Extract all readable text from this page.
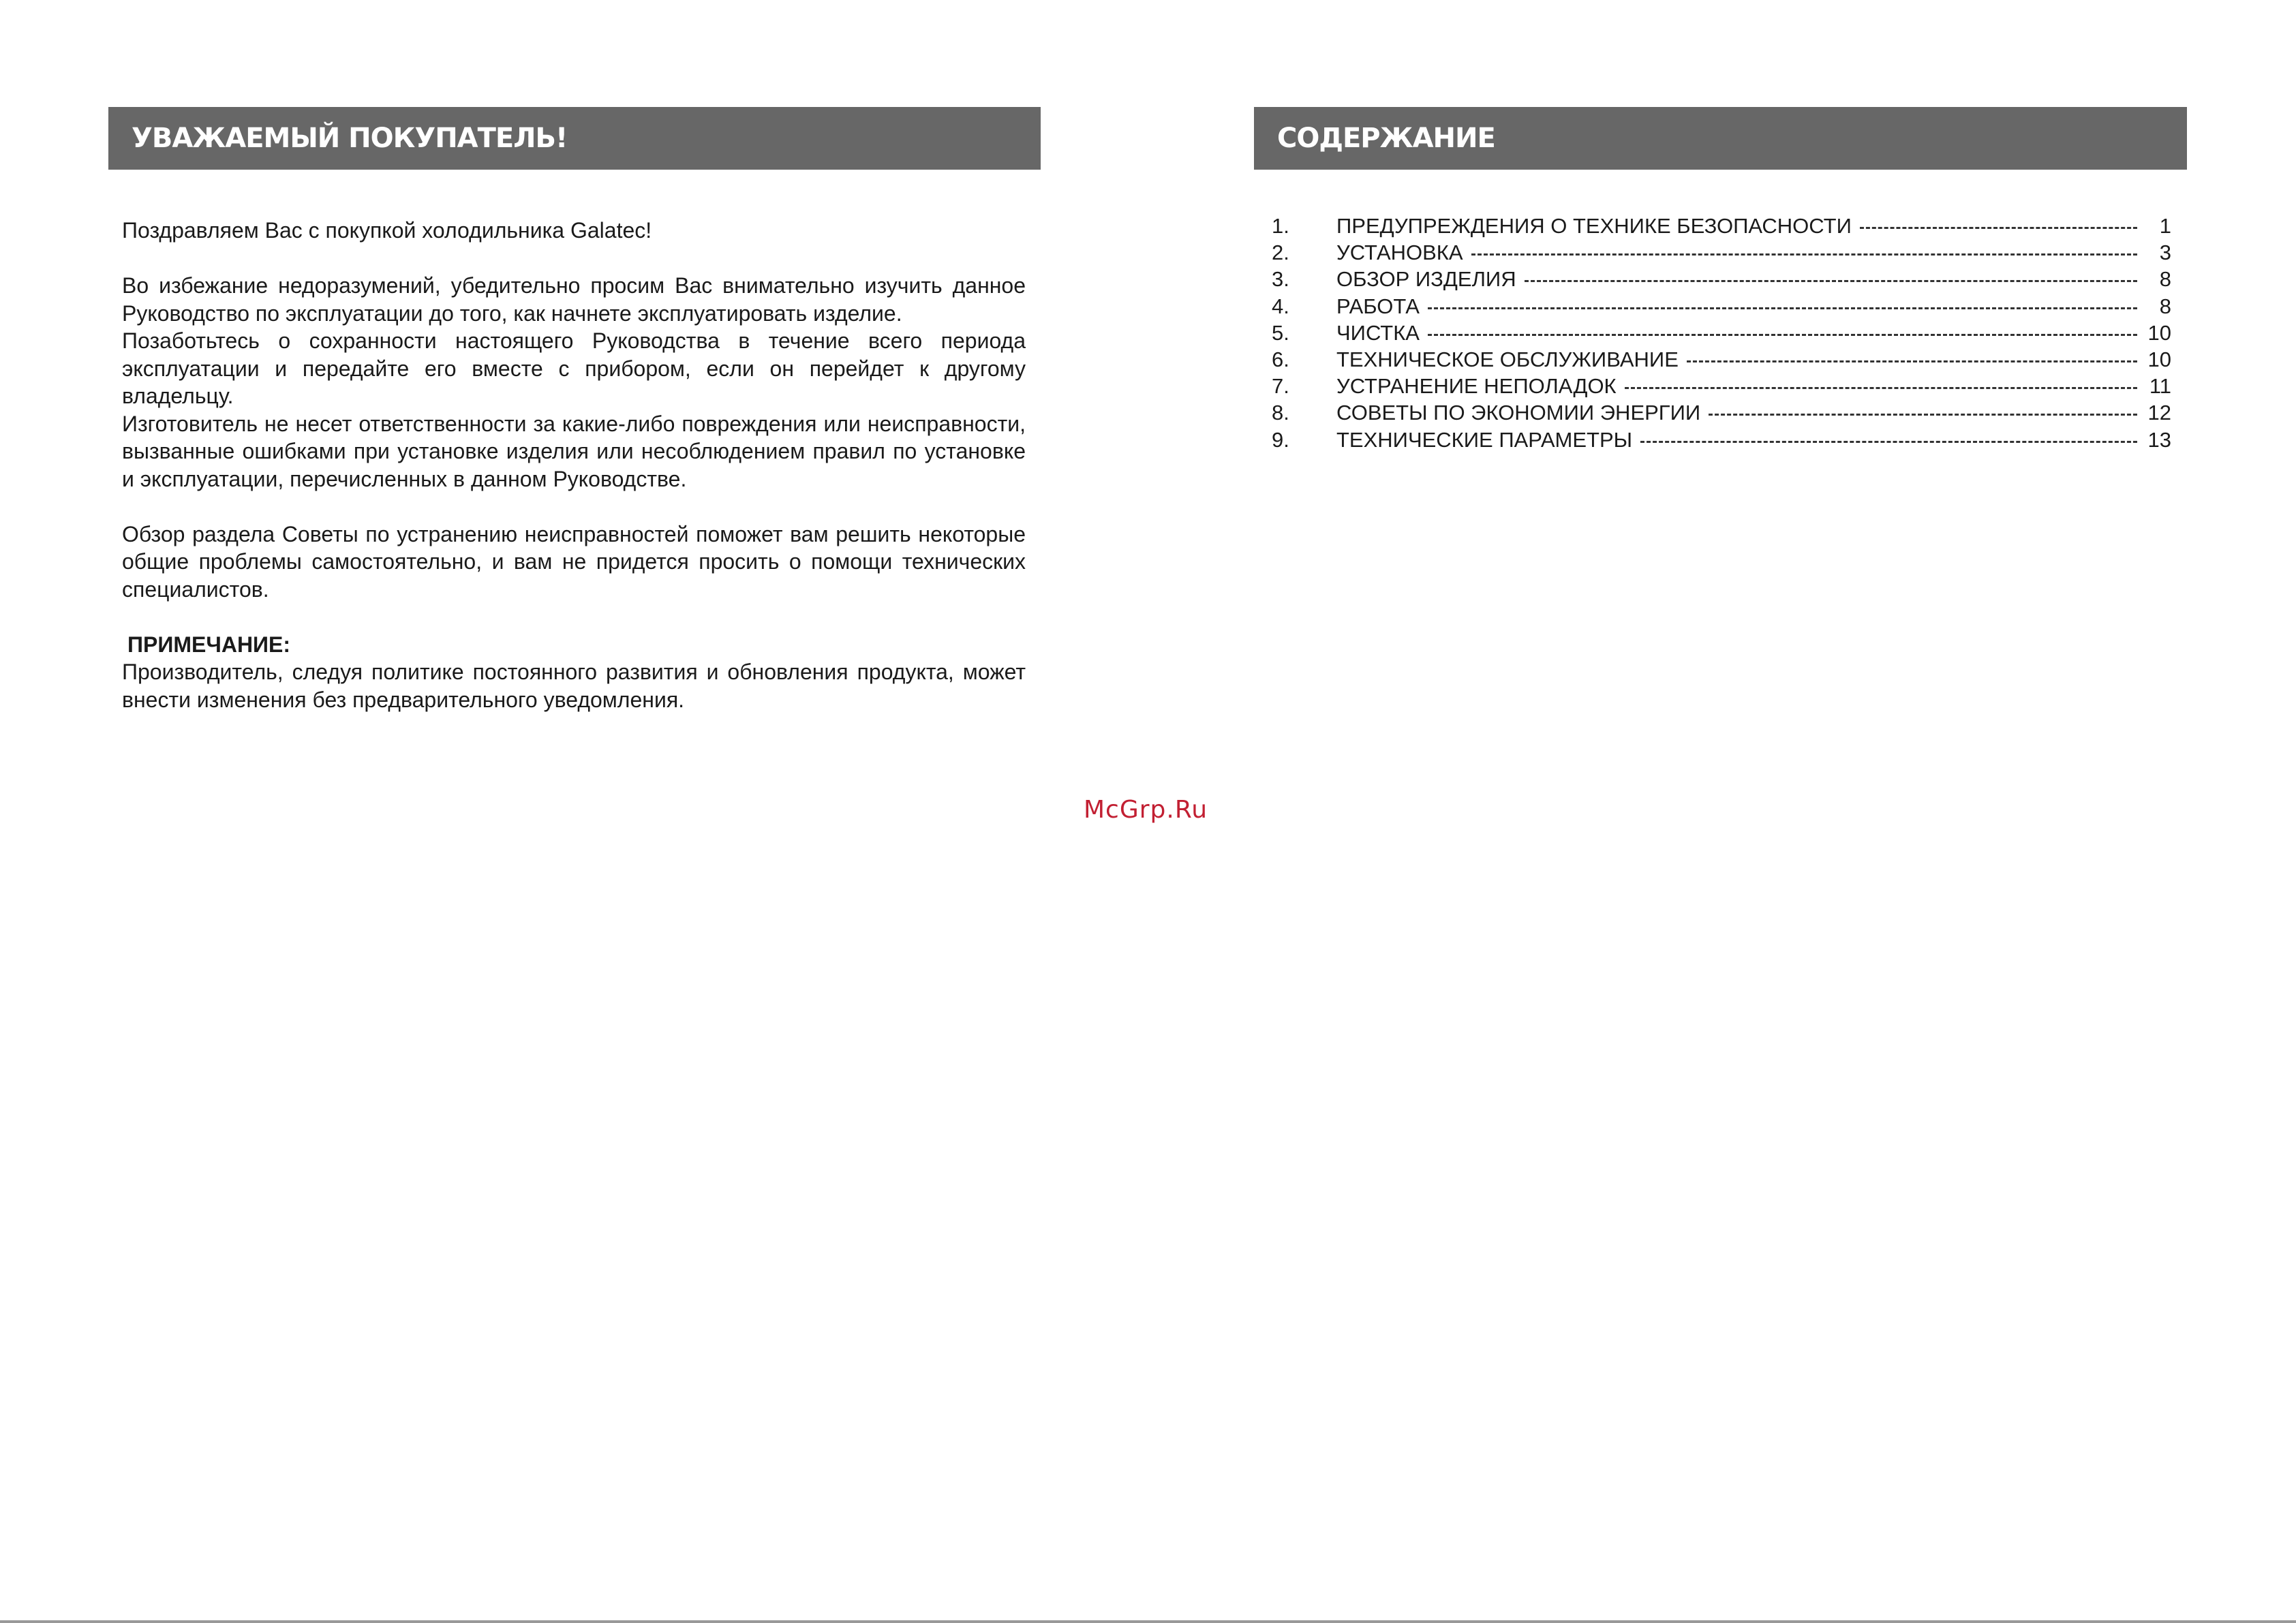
УВАЖАЕМЫЙ ПОКУПАТЕЛЬ!

Поздравляем Вас с покупкой холодильника Galatec!

Во избежание недоразумений, убедительно просим Вас внимательно изучить данное Руководство по эксплуатации до того, как начнете эксплуатировать изделие.

Позаботьтесь о сохранности настоящего Руководства в течение всего периода эксплуатации и передайте его вместе с прибором, если он перейдет к другому владельцу.

Изготовитель не несет ответственности за какие-либо повреждения или неисправности, вызванные ошибками при установке изделия или несоблюдением правил по установке и эксплуатации, перечисленных в данном Руководстве.

Обзор раздела Советы по устранению неисправностей поможет вам решить некоторые общие проблемы самостоятельно, и вам не придется просить о помощи технических специалистов.

ПРИМЕЧАНИЕ:

Производитель, следуя политике постоянного развития и обновления продукта, может внести изменения без предварительного уведомления.

СОДЕРЖАНИЕ
1.	ПРЕДУПРЕЖДЕНИЯ О ТЕХНИКЕ БЕЗОПАСНОСТИ	1
2.	УСТАНОВКА	3
3.	ОБЗОР ИЗДЕЛИЯ	8
4.	РАБОТА	8
5.	ЧИСТКА	10
6.	ТЕХНИЧЕСКОЕ ОБСЛУЖИВАНИЕ	10
7.	УСТРАНЕНИЕ НЕПОЛАДОК	11
8.	СОВЕТЫ ПО ЭКОНОМИИ ЭНЕРГИИ	12
9.	ТЕХНИЧЕСКИЕ ПАРАМЕТРЫ	13
McGrp.Ru
